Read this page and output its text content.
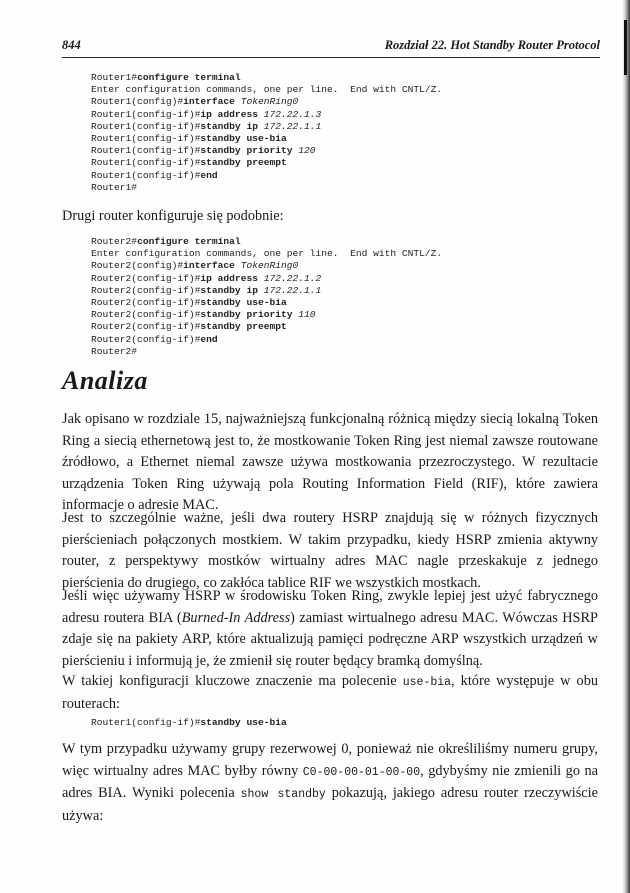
844	Rozdział 22. Hot Standby Router Protocol
Router1#configure terminal
Enter configuration commands, one per line.  End with CNTL/Z.
Router1(config)#interface TokenRing0
Router1(config-if)#ip address 172.22.1.3
Router1(config-if)#standby ip 172.22.1.1
Router1(config-if)#standby use-bia
Router1(config-if)#standby priority 120
Router1(config-if)#standby preempt
Router1(config-if)#end
Router1#

Drugi router konfiguruje się podobnie:

Router2#configure terminal
Enter configuration commands, one per line.  End with CNTL/Z.
Router2(config)#interface TokenRing0
Router2(config-if)#ip address 172.22.1.2
Router2(config-if)#standby ip 172.22.1.1
Router2(config-if)#standby use-bia
Router2(config-if)#standby priority 110
Router2(config-if)#standby preempt
Router2(config-if)#end
Router2#
Analiza

Jak opisano w rozdziale 15, najważniejszą funkcjonalną różnicą między siecią lokalną Token Ring a siecią ethernetową jest to, że mostkowanie Token Ring jest niemal zawsze routowane źródłowo, a Ethernet niemal zawsze używa mostkowania przezroczystego. W rezultacie urządzenia Token Ring używają pola Routing Information Field (RIF), które zawiera informacje o adresie MAC.

Jest to szczególnie ważne, jeśli dwa routery HSRP znajdują się w różnych fizycznych pierścieniach połączonych mostkiem. W takim przypadku, kiedy HSRP zmienia aktywny router, z perspektywy mostków wirtualny adres MAC nagle przeskakuje z jednego pierścienia do drugiego, co zakłóca tablice RIF we wszystkich mostkach.

Jeśli więc używamy HSRP w środowisku Token Ring, zwykle lepiej jest użyć fabrycznego adresu routera BIA (Burned-In Address) zamiast wirtualnego adresu MAC. Wówczas HSRP zdaje się na pakiety ARP, które aktualizują pamięci podręczne ARP wszystkich urządzeń w pierścieniu i informują je, że zmienił się router będący bramką domyślną.

W takiej konfiguracji kluczowe znaczenie ma polecenie use-bia, które występuje w obu routerach:

Router1(config-if)#standby use-bia

W tym przypadku używamy grupy rezerwowej 0, ponieważ nie określiliśmy numeru grupy, więc wirtualny adres MAC byłby równy C0-00-00-01-00-00, gdybyśmy nie zmienili go na adres BIA. Wyniki polecenia show standby pokazują, jakiego adresu router rzeczywiście używa:
